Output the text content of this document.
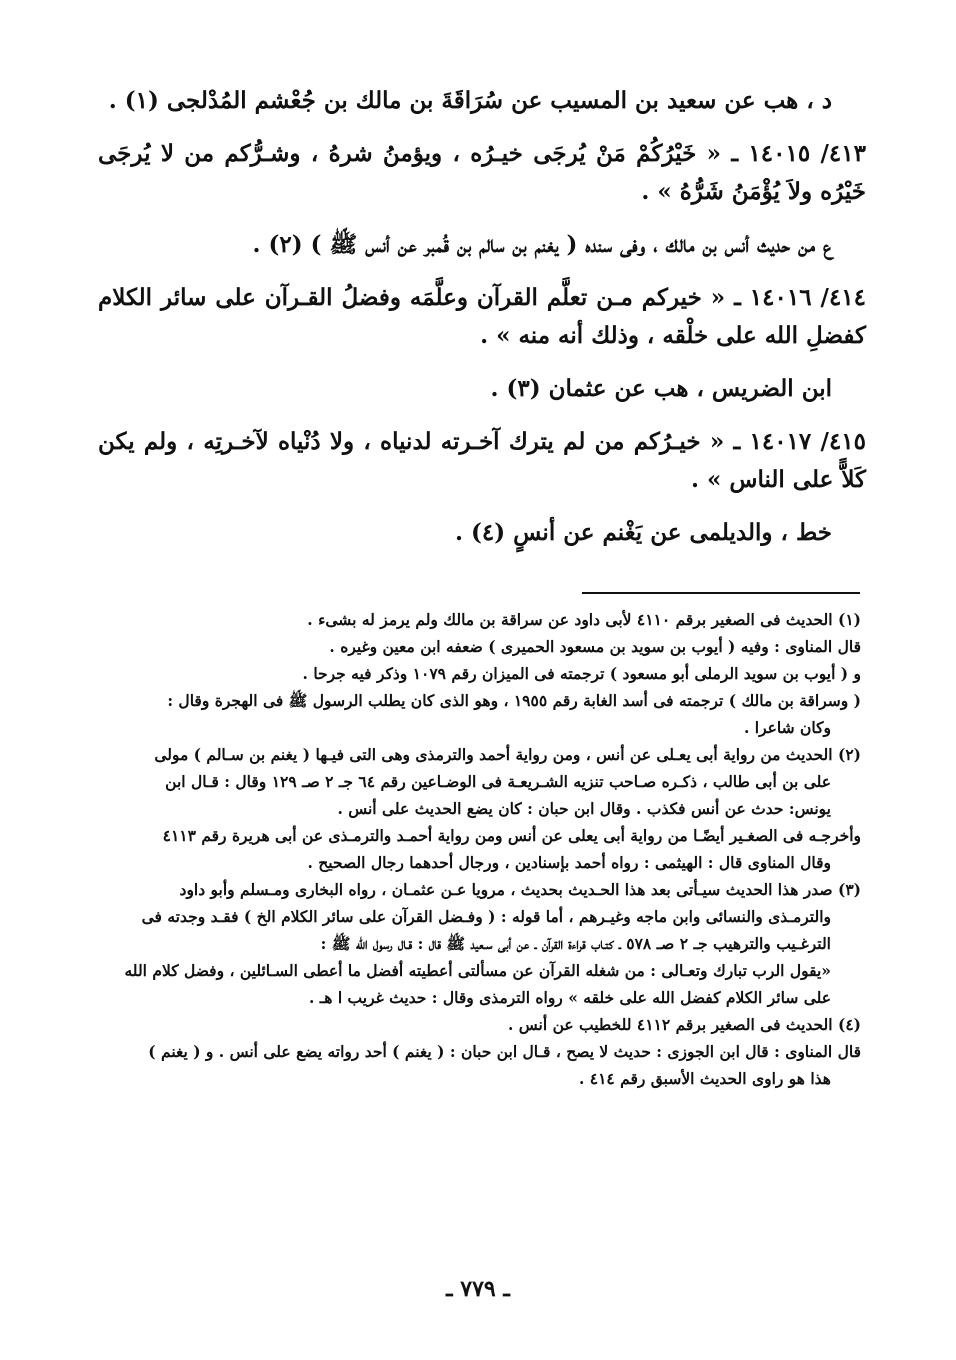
د ، هب عن سعيد بن المسيب عن سُرَاقَةَ بن مالك بن جُعْشم المُدْلجى (١) .

٤١٣/ ١٤٠١٥ ـ « خَيْرُكُمْ مَنْ يُرجَى خيـرُه ، ويؤمنُ شرهُ ، وشـرُّكم من لا يُرجَى خَيْرُه ولاَ يُؤْمَنُ شَرُّهُ » .

ع من حديث أنس بن مالك ، وفى سنده ( يغنم بن سالم بن قُمبر عن أنس ﷺ ) (٢) .

٤١٤/ ١٤٠١٦ ـ « خيركم مـن تعلَّم القرآن وعلَّمَه وفضلُ القـرآن على سائر الكلام كفضلِ الله على خلْقه ، وذلك أنه منه » .

ابن الضريس ، هب عن عثمان (٣) .

٤١٥/ ١٤٠١٧ ـ « خيـرُكم من لم يترك آخـرته لدنياه ، ولا دُنْياه لآخـرتِه ، ولم يكن كَلاًّ على الناس » .

خط ، والديلمى عن يَغْنم عن أنسٍ (٤) .

(١) الحديث فى الصغير برقم ٤١١٠ لأبى داود عن سراقة بن مالك ولم يرمز له بشىء .

قال المناوى : وفيه ( أيوب بن سويد بن مسعود الحميرى ) ضعفه ابن معين وغيره .

و ( أيوب بن سويد الرملى أبو مسعود ) ترجمته فى الميزان رقم ١٠٧٩ وذكر فيه جرحا .

( وسراقة بن مالك ) ترجمته فى أسد الغابة رقم ١٩٥٥ ، وهو الذى كان يطلب الرسول ﷺ فى الهجرة وقال :

وكان شاعرا .

(٢) الحديث من رواية أبى يعـلى عن أنس ، ومن رواية أحمد والترمذى وهى التى فيـها ( يغنم بن سـالم ) مولى

على بن أبى طالب ، ذكـره صـاحب تنزيه الشـريعـة فى الوضـاعين رقم ٦٤ جـ ٢ صـ ١٢٩ وقال : قـال ابن

يونس: حدث عن أنس فكذب . وقال ابن حبان : كان يضع الحديث على أنس .

وأخرجـه فى الصغـير أيضًـا من رواية أبى يعلى عن أنس ومن رواية أحمـد والترمـذى عن أبى هريرة رقم ٤١١٣

وقال المناوى قال : الهيثمى : رواه أحمد بإسنادين ، ورجال أحدهما رجال الصحيح .

(٣) صدر هذا الحديث سيـأتى بعد هذا الحـديث بحديث ، مرويا عـن عثمـان ، رواه البخارى ومـسلم وأبو داود

والترمـذى والنسائى وابن ماجه وغيـرهم ، أما قوله : ( وفـضل القرآن على سائر الكلام الخ ) فقـد وجدته فى

الترغـيب والترهيب جـ ٢ صـ ٥٧٨ ـ كتـاب قراءة القرآن ـ عن أبى سـعيد ﷺ قال : قـال رسول الله ﷺ :

«يقول الرب تبارك وتعـالى : من شغله القرآن عن مسألتى أعطيته أفضل ما أعطى السـائلين ، وفضل كلام الله

على سائر الكلام كفضل الله على خلقه » رواه الترمذى وقال : حديث غريب ا هـ .

(٤) الحديث فى الصغير برقم ٤١١٢ للخطيب عن أنس .

قال المناوى : قال ابن الجوزى : حديث لا يصح ، قـال ابن حبان : ( يغنم ) أحد رواته يضع على أنس . و ( يغنم )

هذا هو راوى الحديث الأسبق رقم ٤١٤ .

ـ ٧٧٩ ـ
